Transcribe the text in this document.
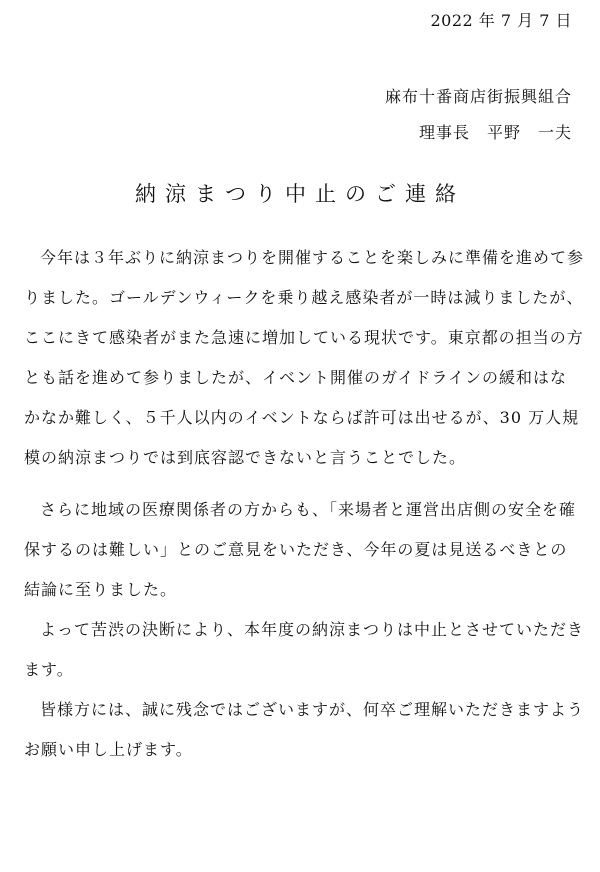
2022 年 7 月 7 日
麻布十番商店街振興組合
理事長　平野　一夫
納涼まつり中止のご連絡

今年は３年ぶりに納涼まつりを開催することを楽しみに準備を進めて参りました。ゴールデンウィークを乗り越え感染者が一時は減りましたが、ここにきて感染者がまた急速に増加している現状です。東京都の担当の方とも話を進めて参りましたが、イベント開催のガイドラインの緩和はなかなか難しく、５千人以内のイベントならば許可は出せるが、30 万人規模の納涼まつりでは到底容認できないと言うことでした。

さらに地域の医療関係者の方からも、「来場者と運営出店側の安全を確保するのは難しい」とのご意見をいただき、今年の夏は見送るべきとの結論に至りました。

よって苦渋の決断により、本年度の納涼まつりは中止とさせていただきます。

皆様方には、誠に残念ではございますが、何卒ご理解いただきますようお願い申し上げます。
